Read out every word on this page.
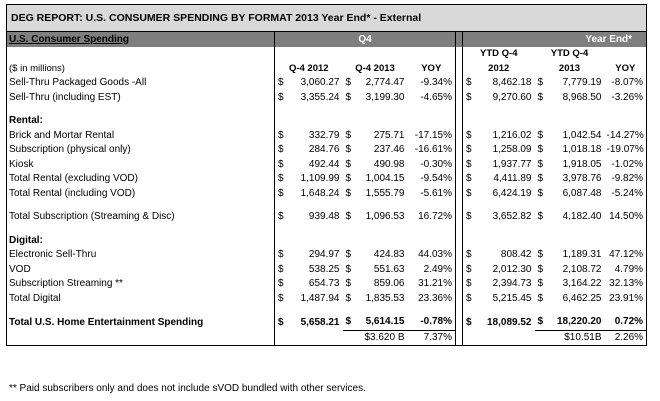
DEG REPORT: U.S. CONSUMER SPENDING BY FORMAT 2013 Year End* - External							
U.S. Consumer Spending	Q4				Year End*		
					YTD Q-4	YTD Q-4	
($ in millions)	Q-4 2012	Q-4 2013	YOY		2012	2013	YOY
Sell-Thru Packaged Goods -All	$ 3,060.27	$ 2,774.47	-9.34%		$ 8,462.18	$ 7,779.19	-8.07%
Sell-Thru (including EST)	$ 3,355.24	$ 3,199.30	-4.65%		$ 9,270.60	$ 8,968.50	-3.26%

Rental:							
Brick and Mortar Rental	$ 332.79	$ 275.71	-17.15%		$ 1,216.02	$ 1,042.54	-14.27%
Subscription (physical only)	$ 284.76	$ 237.46	-16.61%		$ 1,258.09	$ 1,018.18	-19.07%
Kiosk	$ 492.44	$ 490.98	-0.30%		$ 1,937.77	$ 1,918.05	-1.02%
Total Rental (excluding VOD)	$ 1,109.99	$ 1,004.15	-9.54%		$ 4,411.89	$ 3,978.76	-9.82%
Total Rental (including VOD)	$ 1,648.24	$ 1,555.79	-5.61%		$ 6,424.19	$ 6,087.48	-5.24%

Total Subscription (Streaming & Disc)	$ 939.48	$ 1,096.53	16.72%		$ 3,652.82	$ 4,182.40	14.50%

Digital:							
Electronic Sell-Thru	$ 294.97	$ 424.83	44.03%		$ 808.42	$ 1,189.31	47.12%
VOD	$ 538.25	$ 551.63	2.49%		$ 2,012.30	$ 2,108.72	4.79%
Subscription Streaming **	$ 654.73	$ 859.06	31.21%		$ 2,394.73	$ 3,164.22	32.13%
Total Digital	$ 1,487.94	$ 1,835.53	23.36%		$ 5,215.45	$ 6,462.25	23.91%

Total U.S. Home Entertainment Spending	$ 5,658.21	$ 5,614.15	-0.78%		$ 18,089.52	$ 18,220.20	0.72%
		$3.620 B	7.37%			$10.51B	2.26%
** Paid subscribers only and does not include sVOD bundled with other services.
